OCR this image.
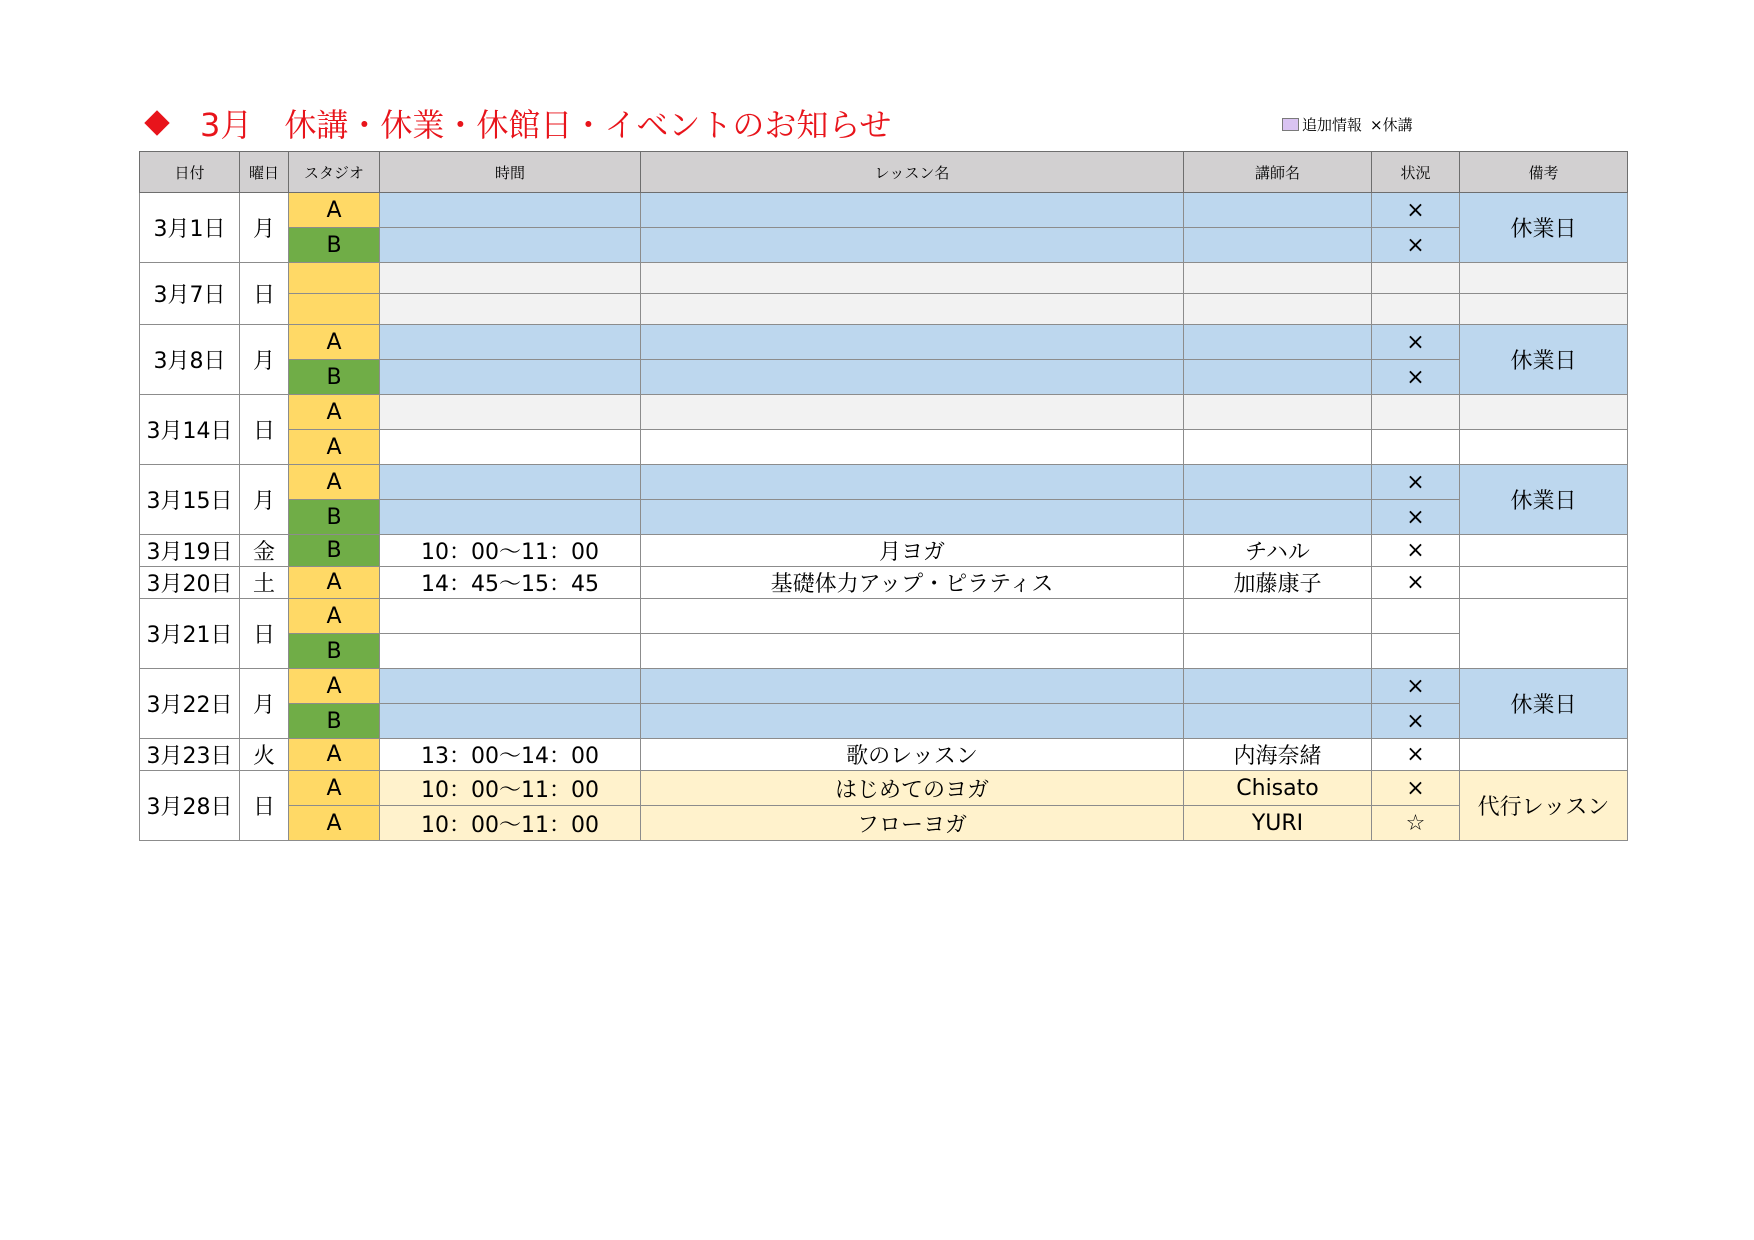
3月　休講・休業・休館日・イベントのお知らせ	追加情報 ×休講
日付	曜日	スタジオ	時間	レッスン名	講師名	状況	備考
3月1日	月	A				×	休業日
		B				×	
3月7日	日						

3月8日	月	A				×	休業日
		B				×	
3月14日	日	A					
		A					
3月15日	月	A				×	休業日
		B				×	
3月19日	金	B	10：00～11：00	月ヨガ	チハル	×	
3月20日	土	A	14：45～15：45	基礎体力アップ・ピラティス	加藤康子	×	
3月21日	日	A					
		B					
3月22日	月	A				×	休業日
		B				×	
3月23日	火	A	13：00～14：00	歌のレッスン	内海奈緒	×	
3月28日	日	A	10：00～11：00	はじめてのヨガ	Chisato	×	代行レッスン
		A	10：00～11：00	フローヨガ	YURI	☆	
